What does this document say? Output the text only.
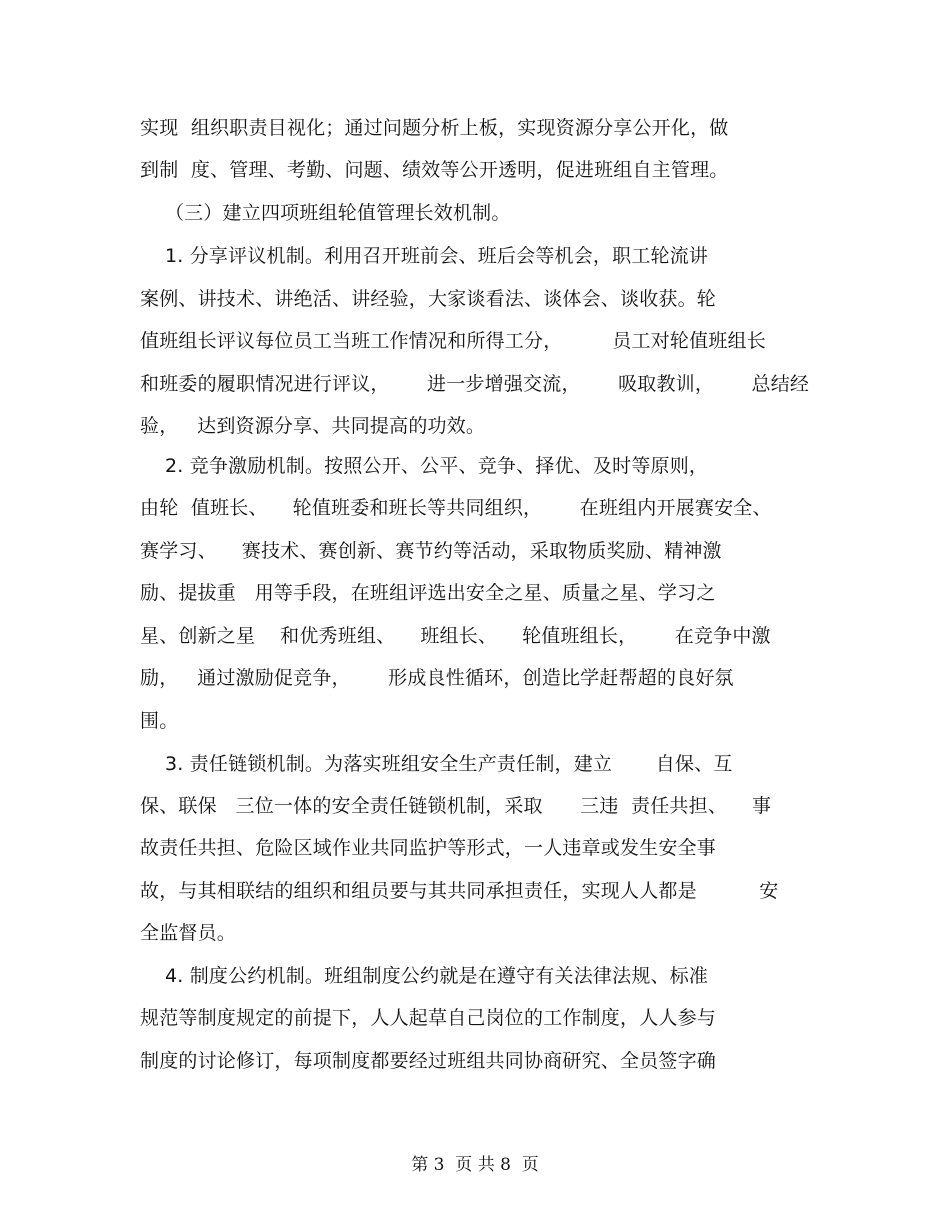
实现  组织职责目视化；通过问题分析上板，实现资源分享公开化，做
到制  度、管理、考勤、问题、绩效等公开透明，促进班组自主管理。
（三）建立四项班组轮值管理长效机制。
1. 分享评议机制。利用召开班前会、班后会等机会，职工轮流讲
案例、讲技术、讲绝活、讲经验，大家谈看法、谈体会、谈收获。轮
值班组长评议每位员工当班工作情况和所得工分，        员工对轮值班组长
和班委的履职情况进行评议，      进一步增强交流，      吸取教训，      总结经
验，   达到资源分享、共同提高的功效。
2. 竞争激励机制。按照公开、公平、竞争、择优、及时等原则，
由轮  值班长、    轮值班委和班长等共同组织，      在班组内开展赛安全、
赛学习、    赛技术、赛创新、赛节约等活动，采取物质奖励、精神激
励、提拔重   用等手段，在班组评选出安全之星、质量之星、学习之
星、创新之星    和优秀班组、    班组长、    轮值班组长，      在竞争中激
励，   通过激励促竞争，      形成良性循环，创造比学赶帮超的良好氛
围。
3. 责任链锁机制。为落实班组安全生产责任制，建立       自保、互
保、联保   三位一体的安全责任链锁机制，采取      三违  责任共担、    事
故责任共担、危险区域作业共同监护等形式，一人违章或发生安全事
故，与其相联结的组织和组员要与其共同承担责任，实现人人都是          安
全监督员。
4. 制度公约机制。班组制度公约就是在遵守有关法律法规、标准
规范等制度规定的前提下，人人起草自己岗位的工作制度，人人参与
制度的讨论修订，每项制度都要经过班组共同协商研究、全员签字确
第 3  页 共 8  页
